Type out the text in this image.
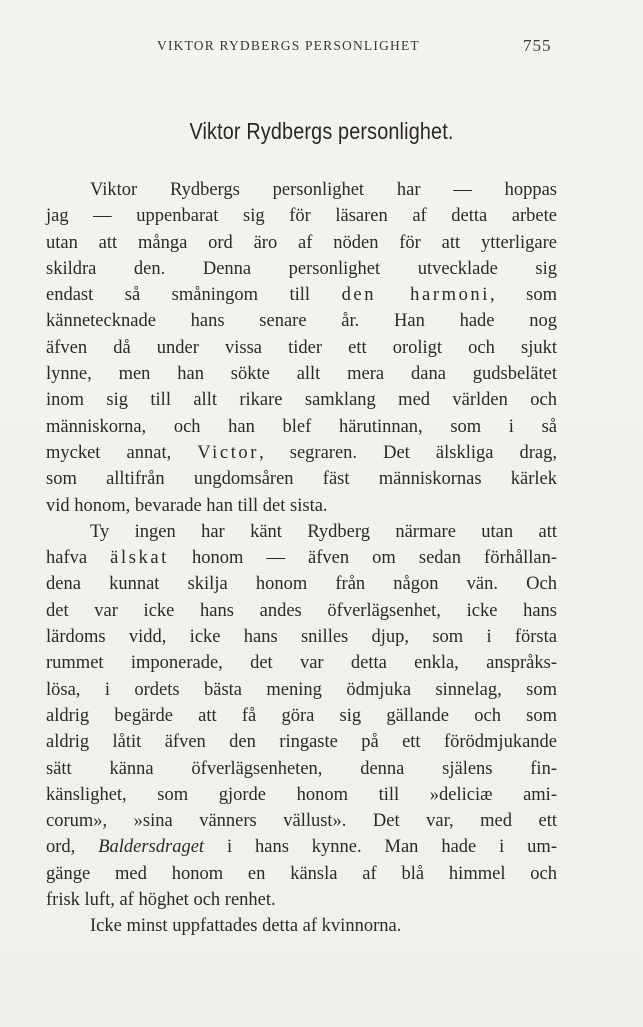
VIKTOR RYDBERGS PERSONLIGHET	755
Viktor Rydbergs personlighet.
Viktor Rydbergs personlighet har — hoppas
jag — uppenbarat sig för läsaren af detta arbete
utan att många ord äro af nöden för att ytterligare
skildra den. Denna personlighet utvecklade sig
endast så småningom till den harmoni, som
kännetecknade hans senare år. Han hade nog
äfven då under vissa tider ett oroligt och sjukt
lynne, men han sökte allt mera dana gudsbelätet
inom sig till allt rikare samklang med världen och
människorna, och han blef härutinnan, som i så
mycket annat, Victor, segraren. Det älskliga drag,
som alltifrån ungdomsåren fäst människornas kärlek
vid honom, bevarade han till det sista.
Ty ingen har känt Rydberg närmare utan att
hafva älskat honom — äfven om sedan förhållan-
dena kunnat skilja honom från någon vän. Och
det var icke hans andes öfverlägsenhet, icke hans
lärdoms vidd, icke hans snilles djup, som i första
rummet imponerade, det var detta enkla, anspråks-
lösa, i ordets bästa mening ödmjuka sinnelag, som
aldrig begärde att få göra sig gällande och som
aldrig låtit äfven den ringaste på ett förödmjukande
sätt känna öfverlägsenheten, denna själens fin-
känslighet, som gjorde honom till »deliciæ ami-
corum», »sina vänners vällust». Det var, med ett
ord, Baldersdraget i hans kynne. Man hade i um-
gänge med honom en känsla af blå himmel och
frisk luft, af höghet och renhet.
Icke minst uppfattades detta af kvinnorna.
